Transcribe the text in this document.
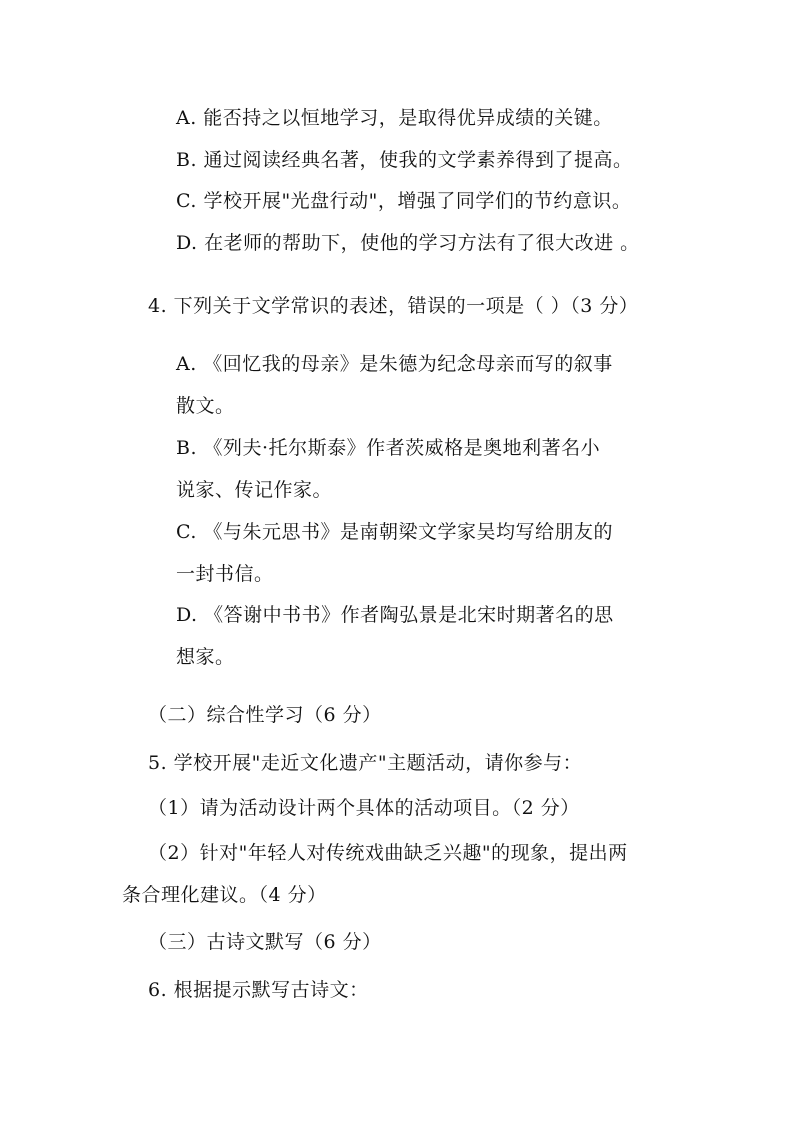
A. 能否持之以恒地学习，是取得优异成绩的关键。
B. 通过阅读经典名著，使我的文学素养得到了提高。
C. 学校开展"光盘行动"，增强了同学们的节约意识。
D. 在老师的帮助下，使他的学习方法有了很大改进 。
4. 下列关于文学常识的表述，错误的一项是（ ）（3 分）
A. 《回忆我的母亲》是朱德为纪念母亲而写的叙事
散文。
B. 《列夫·托尔斯泰》作者茨威格是奥地利著名小
说家、传记作家。
C. 《与朱元思书》是南朝梁文学家吴均写给朋友的
一封书信。
D. 《答谢中书书》作者陶弘景是北宋时期著名的思
想家。
（二）综合性学习（6 分）
5. 学校开展"走近文化遗产"主题活动，请你参与：
（1）请为活动设计两个具体的活动项目。（2 分）
（2）针对"年轻人对传统戏曲缺乏兴趣"的现象，提出两
条合理化建议。（4 分）
（三）古诗文默写（6 分）
6. 根据提示默写古诗文：
